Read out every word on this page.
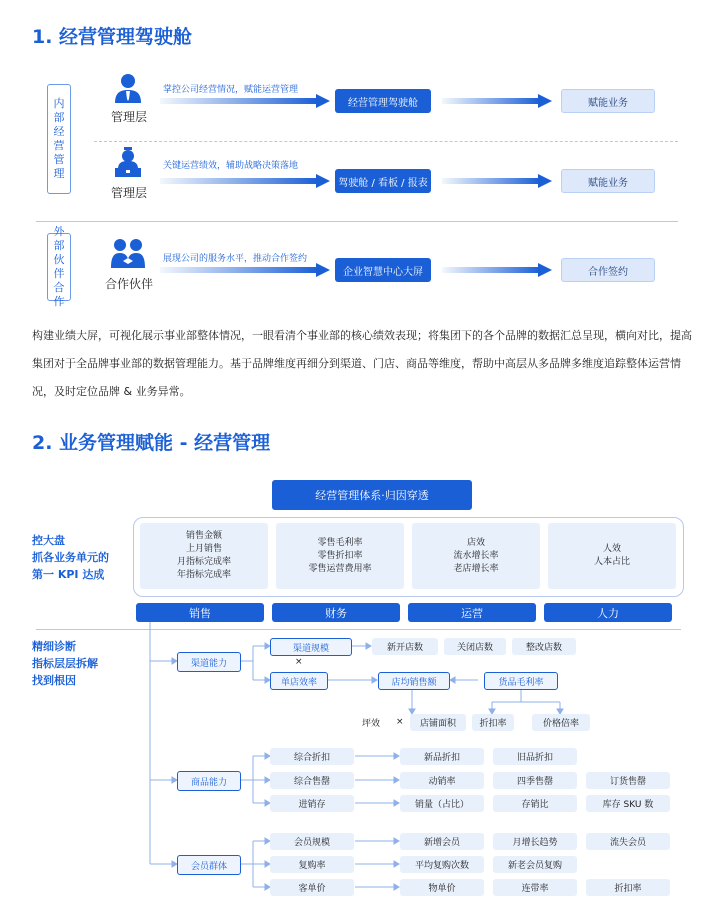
1. 经营管理驾驶舱
内部经营管理
外部伙伴合作
管理层
管理层
合作伙伴
掌控公司经营情况，赋能运营管理
关键运营绩效，辅助战略决策落地
展现公司的服务水平，推动合作签约
经营管理驾驶舱
驾驶舱 / 看板 / 报表
企业智慧中心大屏
赋能业务
赋能业务
合作签约
构建业绩大屏，可视化展示事业部整体情况，一眼看清个事业部的核心绩效表现；将集团下的各个品牌的数据汇总呈现，横向对比，提高集团对于全品牌事业部的数据管理能力。基于品牌维度再细分到渠道、门店、商品等维度，帮助中高层从多品牌多维度追踪整体运营情况，及时定位品牌 & 业务异常。
2. 业务管理赋能 - 经营管理
经营管理体系·归因穿透
控大盘
抓各业务单元的
第一 KPI 达成
销售金额
上月销售
月指标完成率
年指标完成率
零售毛利率
零售折扣率
零售运营费用率
店效
流水增长率
老店增长率
人效
人本占比
销售	财务	运营	人力
精细诊断
指标层层拆解
找到根因
渠道能力
渠道规模
×
单店效率
新开店数	关闭店数	整改店数
店均销售额	货品毛利率
坪效	×	店铺面积	折扣率	价格倍率
商品能力
综合折扣
综合售罄
进销存
新品折扣	旧品折扣
动销率	四季售罄	订货售罄
销量（占比）	存销比	库存 SKU 数
会员群体
会员规模
复购率
客单价
新增会员	月增长趋势	流失会员
平均复购次数	新老会员复购
物单价	连带率	折扣率
